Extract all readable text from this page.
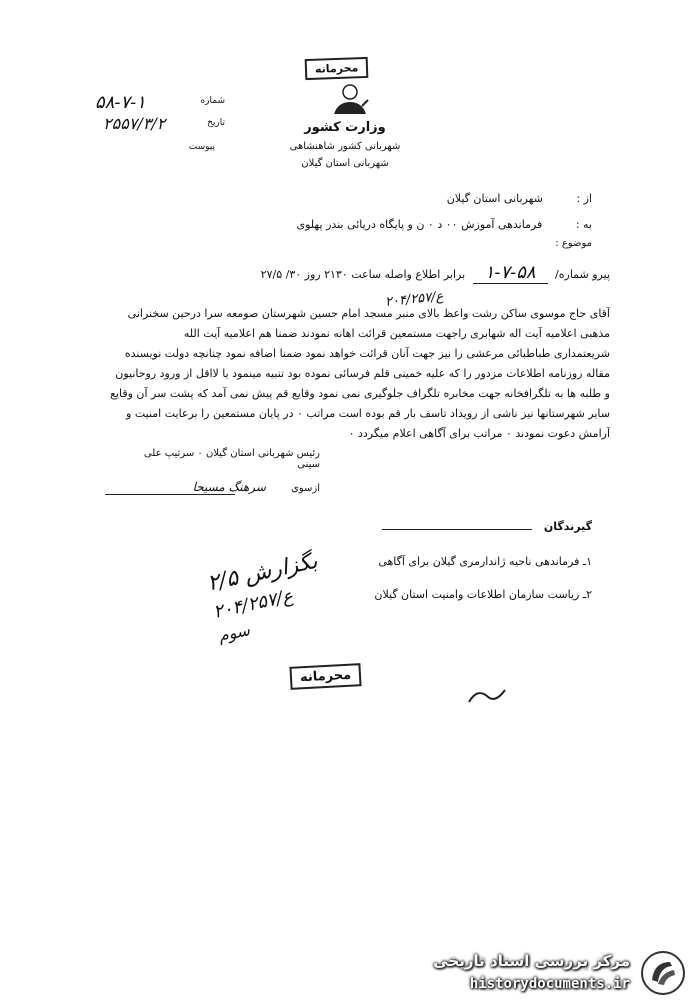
محرمانه
۵۸-۷-۱	شماره
۲۵۵۷/۳/۲	تاریخ
پیوست
وزارت کشور
شهربانی کشور شاهنشاهی
شهربانی استان گیلان
از : شهربانی استان گیلان
به : فرماندهی آموزش ۰۰ د ۰ ن و پایگاه دریائی بندر پهلوی
موضوع :
پیرو شماره/ ۵۸-۷-۱ برابر اطلاع واصله ساعت ۲۱۳۰ روز ۳۰/ ۲۷/۵
۲۰۴/۲۵۷/ع
آقای حاج موسوی ساکن رشت واعظ بالای منبر مسجد امام حسین شهرستان صومعه سرا درحین سخنرانی
مذهبی اعلامیه آیت اله شهابری راجهت مستمعین قرائت اهانه نمودند ضمنا هم اعلامیه آیت الله
شریعتمداری طباطبائی مرعشی را نیز جهت آنان قرائت خواهد نمود ضمنا اضافه نمود چنانچه دولت نویسنده
مقاله روزنامه اطلاعات مزدور را که علیه خمینی قلم فرسائی نموده بود تنبیه مینمود یا لااقل از ورود روحانیون
و طلبه ها به تلگرافخانه جهت مخابره تلگراف جلوگیری نمی نمود وقایع قم پیش نمی آمد که پشت سر آن وقایع
سایر شهرستانها نیز ناشی از رویداد تاسف بار قم بوده است مراتب ۰ در پایان مستمعین را برعایت امنیت و
آرامش دعوت نمودند ۰ مراتب برای آگاهی اعلام میگردد ۰
رئیس شهربانی استان گیلان ۰ سرتیپ علی سینی
ازسوی سرهنگ مسیحا
گیرندگان
۱ـ فرماندهی ناحیه ژاندارمری گیلان برای آگاهی
۲ـ ریاست سازمان اطلاعات وامنیت استان گیلان
بگزارش ۲/۵
۲۰۴/۲۵۷/ع
سوم
محرمانه
مرکز بررسی اسناد تاریخی
historydocuments.ir
